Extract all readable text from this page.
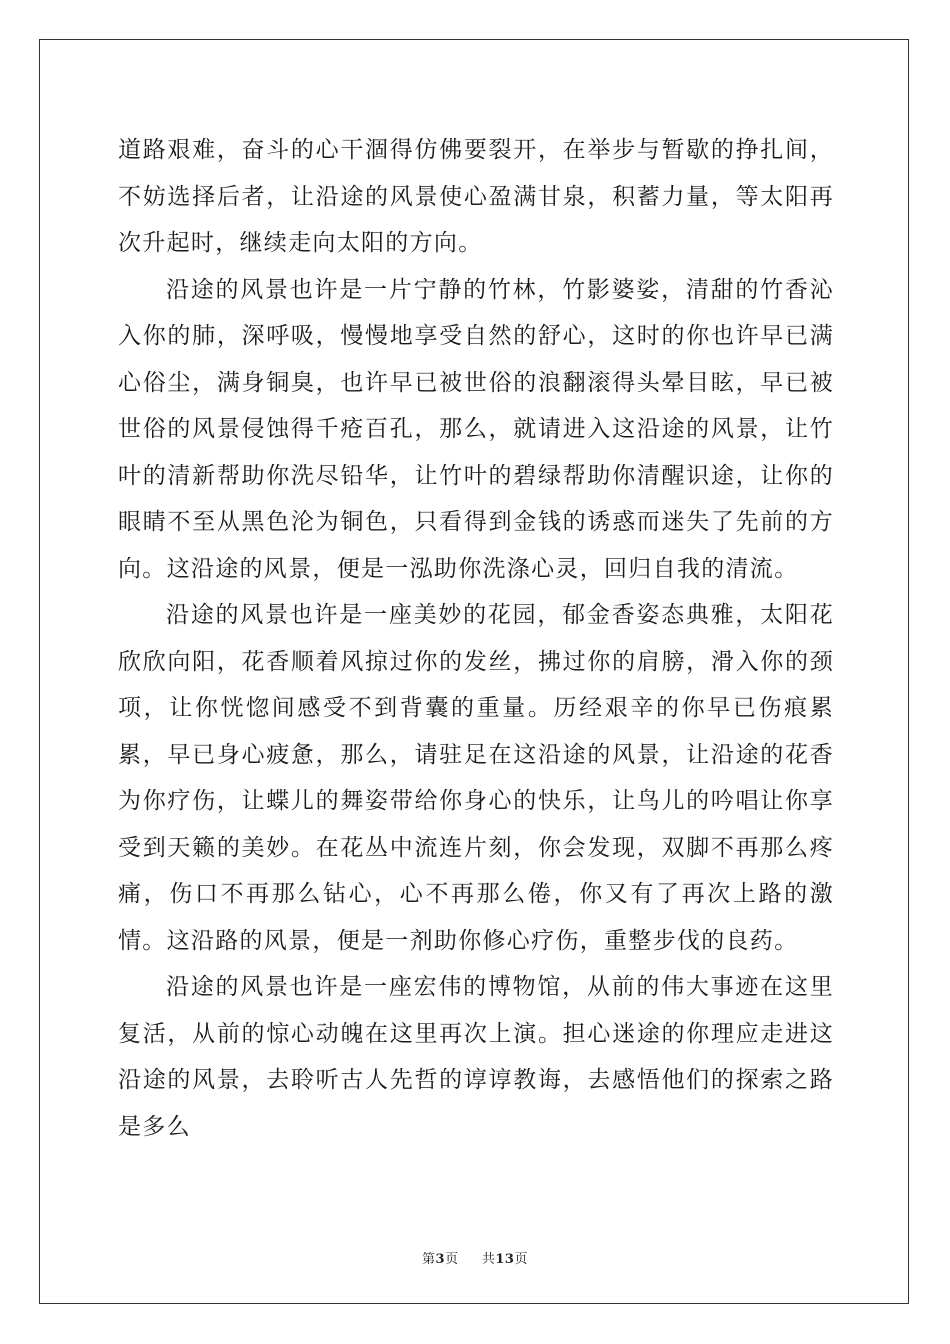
道路艰难，奋斗的心干涸得仿佛要裂开，在举步与暂歇的挣扎间，不妨选择后者，让沿途的风景使心盈满甘泉，积蓄力量，等太阳再次升起时，继续走向太阳的方向。

沿途的风景也许是一片宁静的竹林，竹影婆娑，清甜的竹香沁入你的肺，深呼吸，慢慢地享受自然的舒心，这时的你也许早已满心俗尘，满身铜臭，也许早已被世俗的浪翻滚得头晕目眩，早已被世俗的风景侵蚀得千疮百孔，那么，就请进入这沿途的风景，让竹叶的清新帮助你洗尽铅华，让竹叶的碧绿帮助你清醒识途，让你的眼睛不至从黑色沦为铜色，只看得到金钱的诱惑而迷失了先前的方向。这沿途的风景，便是一泓助你洗涤心灵，回归自我的清流。

沿途的风景也许是一座美妙的花园，郁金香姿态典雅，太阳花欣欣向阳，花香顺着风掠过你的发丝，拂过你的肩膀，滑入你的颈项，让你恍惚间感受不到背囊的重量。历经艰辛的你早已伤痕累累，早已身心疲惫，那么，请驻足在这沿途的风景，让沿途的花香为你疗伤，让蝶儿的舞姿带给你身心的快乐，让鸟儿的吟唱让你享受到天籁的美妙。在花丛中流连片刻，你会发现，双脚不再那么疼痛，伤口不再那么钻心，心不再那么倦，你又有了再次上路的激情。这沿路的风景，便是一剂助你修心疗伤，重整步伐的良药。

沿途的风景也许是一座宏伟的博物馆，从前的伟大事迹在这里复活，从前的惊心动魄在这里再次上演。担心迷途的你理应走进这沿途的风景，去聆听古人先哲的谆谆教诲，去感悟他们的探索之路是多么

第3页 共13页
